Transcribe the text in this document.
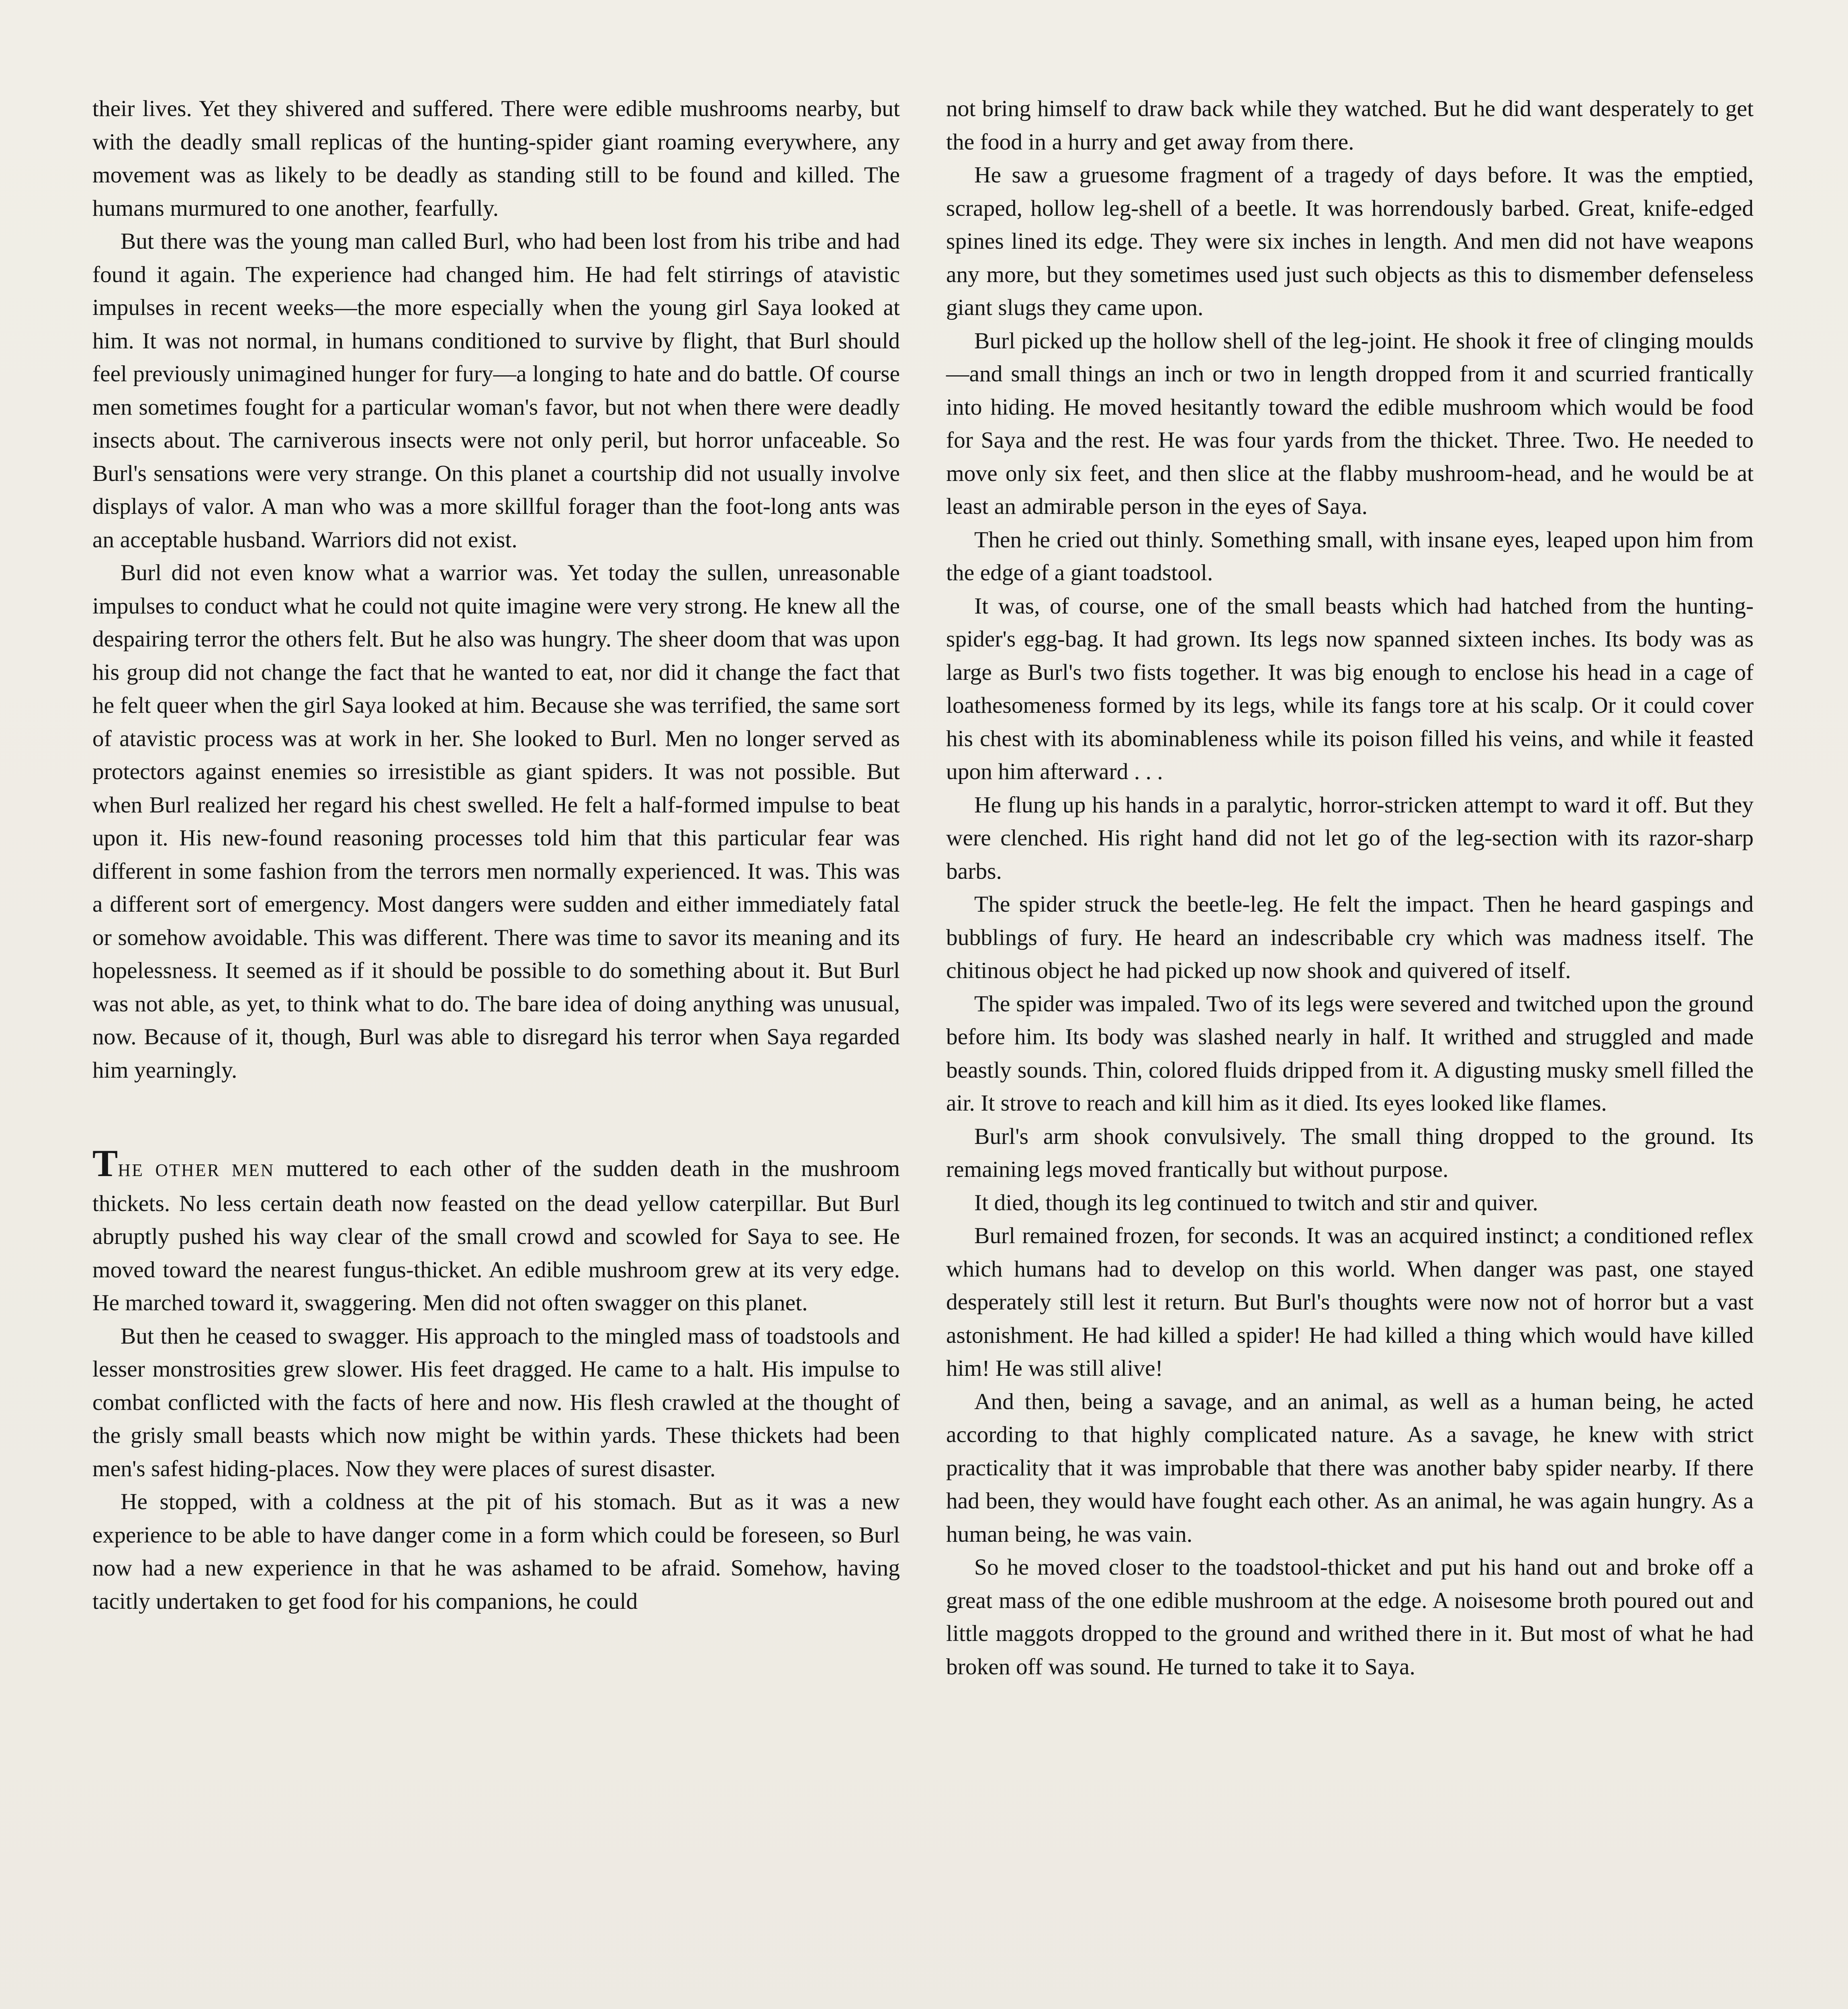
their lives. Yet they shivered and suffered. There were edible mushrooms nearby, but with the deadly small replicas of the hunting-spider giant roaming everywhere, any movement was as likely to be deadly as standing still to be found and killed. The humans murmured to one another, fearfully.

But there was the young man called Burl, who had been lost from his tribe and had found it again. The experience had changed him. He had felt stirrings of atavistic impulses in recent weeks—the more especially when the young girl Saya looked at him. It was not normal, in humans conditioned to survive by flight, that Burl should feel previously unimagined hunger for fury—a longing to hate and do battle. Of course men sometimes fought for a particular woman's favor, but not when there were deadly insects about. The carniverous insects were not only peril, but horror unfaceable. So Burl's sensations were very strange. On this planet a courtship did not usually involve displays of valor. A man who was a more skillful forager than the foot-long ants was an acceptable husband. Warriors did not exist.

Burl did not even know what a warrior was. Yet today the sullen, unreasonable impulses to conduct what he could not quite imagine were very strong. He knew all the despairing terror the others felt. But he also was hungry. The sheer doom that was upon his group did not change the fact that he wanted to eat, nor did it change the fact that he felt queer when the girl Saya looked at him. Because she was terrified, the same sort of atavistic process was at work in her. She looked to Burl. Men no longer served as protectors against enemies so irresistible as giant spiders. It was not possible. But when Burl realized her regard his chest swelled. He felt a half-formed impulse to beat upon it. His new-found reasoning processes told him that this particular fear was different in some fashion from the terrors men normally experienced. It was. This was a different sort of emergency. Most dangers were sudden and either immediately fatal or somehow avoidable. This was different. There was time to savor its meaning and its hopelessness. It seemed as if it should be possible to do something about it. But Burl was not able, as yet, to think what to do. The bare idea of doing anything was unusual, now. Because of it, though, Burl was able to disregard his terror when Saya regarded him yearningly.

THE OTHER MEN muttered to each other of the sudden death in the mushroom thickets. No less certain death now feasted on the dead yellow caterpillar. But Burl abruptly pushed his way clear of the small crowd and scowled for Saya to see. He moved toward the nearest fungus-thicket. An edible mushroom grew at its very edge. He marched toward it, swaggering. Men did not often swagger on this planet.

But then he ceased to swagger. His approach to the mingled mass of toadstools and lesser monstrosities grew slower. His feet dragged. He came to a halt. His impulse to combat conflicted with the facts of here and now. His flesh crawled at the thought of the grisly small beasts which now might be within yards. These thickets had been men's safest hiding-places. Now they were places of surest disaster.

He stopped, with a coldness at the pit of his stomach. But as it was a new experience to be able to have danger come in a form which could be foreseen, so Burl now had a new experience in that he was ashamed to be afraid. Somehow, having tacitly undertaken to get food for his companions, he could

not bring himself to draw back while they watched. But he did want desperately to get the food in a hurry and get away from there.

He saw a gruesome fragment of a tragedy of days before. It was the emptied, scraped, hollow leg-shell of a beetle. It was horrendously barbed. Great, knife-edged spines lined its edge. They were six inches in length. And men did not have weapons any more, but they sometimes used just such objects as this to dismember defenseless giant slugs they came upon.

Burl picked up the hollow shell of the leg-joint. He shook it free of clinging moulds—and small things an inch or two in length dropped from it and scurried frantically into hiding. He moved hesitantly toward the edible mushroom which would be food for Saya and the rest. He was four yards from the thicket. Three. Two. He needed to move only six feet, and then slice at the flabby mushroom-head, and he would be at least an admirable person in the eyes of Saya.

Then he cried out thinly. Something small, with insane eyes, leaped upon him from the edge of a giant toadstool.

It was, of course, one of the small beasts which had hatched from the hunting-spider's egg-bag. It had grown. Its legs now spanned sixteen inches. Its body was as large as Burl's two fists together. It was big enough to enclose his head in a cage of loathesomeness formed by its legs, while its fangs tore at his scalp. Or it could cover his chest with its abominableness while its poison filled his veins, and while it feasted upon him afterward . . .

He flung up his hands in a paralytic, horror-stricken attempt to ward it off. But they were clenched. His right hand did not let go of the leg-section with its razor-sharp barbs.

The spider struck the beetle-leg. He felt the impact. Then he heard gaspings and bubblings of fury. He heard an indescribable cry which was madness itself. The chitinous object he had picked up now shook and quivered of itself.

The spider was impaled. Two of its legs were severed and twitched upon the ground before him. Its body was slashed nearly in half. It writhed and struggled and made beastly sounds. Thin, colored fluids dripped from it. A digusting musky smell filled the air. It strove to reach and kill him as it died. Its eyes looked like flames.

Burl's arm shook convulsively. The small thing dropped to the ground. Its remaining legs moved frantically but without purpose.

It died, though its leg continued to twitch and stir and quiver.

Burl remained frozen, for seconds. It was an acquired instinct; a conditioned reflex which humans had to develop on this world. When danger was past, one stayed desperately still lest it return. But Burl's thoughts were now not of horror but a vast astonishment. He had killed a spider! He had killed a thing which would have killed him! He was still alive!

And then, being a savage, and an animal, as well as a human being, he acted according to that highly complicated nature. As a savage, he knew with strict practicality that it was improbable that there was another baby spider nearby. If there had been, they would have fought each other. As an animal, he was again hungry. As a human being, he was vain.

So he moved closer to the toadstool-thicket and put his hand out and broke off a great mass of the one edible mushroom at the edge. A noisesome broth poured out and little maggots dropped to the ground and writhed there in it. But most of what he had broken off was sound. He turned to take it to Saya.
